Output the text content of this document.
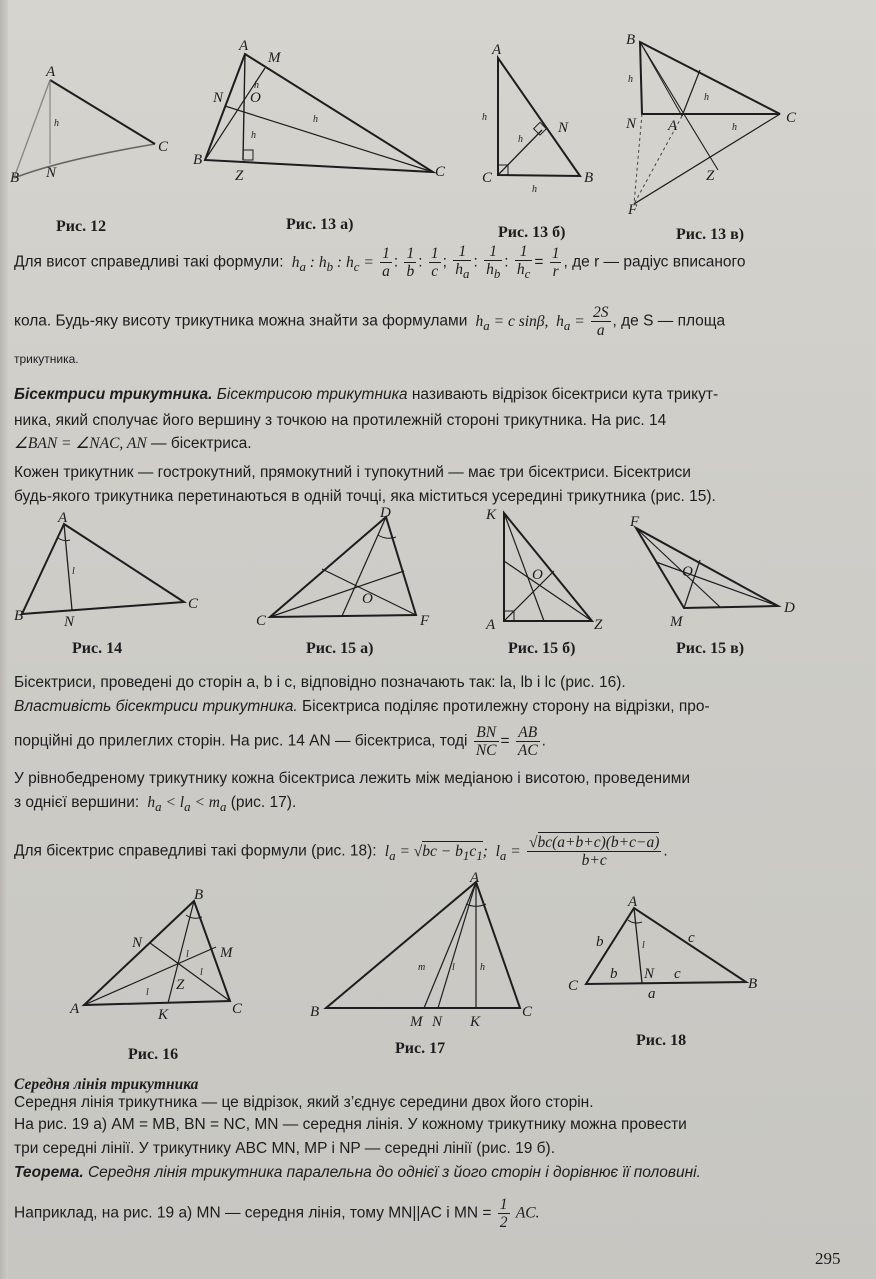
C
A
h
N
B
Рис. 12
A
M
N O
h
h
h
B
Z	C
Рис. 13 а)
A
h
h
N
C
h
B
Рис. 13 б)
B
h
h
N A	h
C
Z
F
Рис. 13 в)
Для висот справедливі такі формули:  $h_a$ : $h_b$ : $h_c = \frac{1}{a}$ : $\frac{1}{b}$ : $\frac{1}{c}$ ; $\frac{1}{h_a}$ : $\frac{1}{h_b}$ : $\frac{1}{h_c} = \frac{1}{r}$ , де r — радіус вписаного
кола. Будь-яку висоту трикутника можна знайти за формулами  $h_a = c$ sinβ,  $h_a = \frac{2S}{a}$ , де S — площа
трикутника.
Бісектриси трикутника. Бісектрисою трикутника називають відрізок бісектриси кута трикут-
ника, який сполучає його вершину з точкою на протилежній стороні трикутника. На рис. 14
∠BAN = ∠NAC, AN — бісектриса.
Кожен трикутник — гострокутний, прямокутний і тупокутний — має три бісектриси. Бісектриси
будь-якого трикутника перетинаються в одній точці, яка міститься усередині трикутника (рис. 15).
A
l
C
B	N
Рис. 14
D
O
C	F
Рис. 15 а)
K
O
A	Z
Рис. 15 б)
F
O
M
D
Рис. 15 в)
Бісектриси, проведені до сторін a, b і c, відповідно позначають так: la, lb і lc (рис. 16).
Властивість бісектриси трикутника. Бісектриса поділяє протилежну сторону на відрізки, про-
порційні до прилеглих сторін. На рис. 14 AN — бісектриса, тоді $\frac{BN}{NC} = \frac{AB}{AC}$ .
У рівнобедреному трикутнику кожна бісектриса лежить між медіаною і висотою, проведеними
з однієї вершини:  $h_a < l_a < m_a$ (рис. 17).
Для бісектрис справедливі такі формули (рис. 18):  $l_a = √bc - b_1c_1$;  $l_a = \frac{√bc(a+b+c)(b+c-a)}{b+c}$ .
B
N
M
l
l
l
Z
A	K	C
Рис. 16
A
m	l	h
B
M N K
C
Рис. 17
A
b	l	c
b N c
C	a
B
Рис. 18
Середня лінія трикутника
Середня лінія трикутника — це відрізок, який з’єднує середини двох його сторін.
На рис. 19 а) AM = MB, BN = NC, MN — середня лінія. У кожному трикутнику можна провести
три середні лінії. У трикутнику ABC MN, MP і NP — середні лінії (рис. 19 б).
Теорема. Середня лінія трикутника паралельна до однієї з його сторін і дорівнює її половині.
Наприклад, на рис. 19 а) MN — середня лінія, тому MN||AC і MN = $\frac{1}{2}$ AC.
295
